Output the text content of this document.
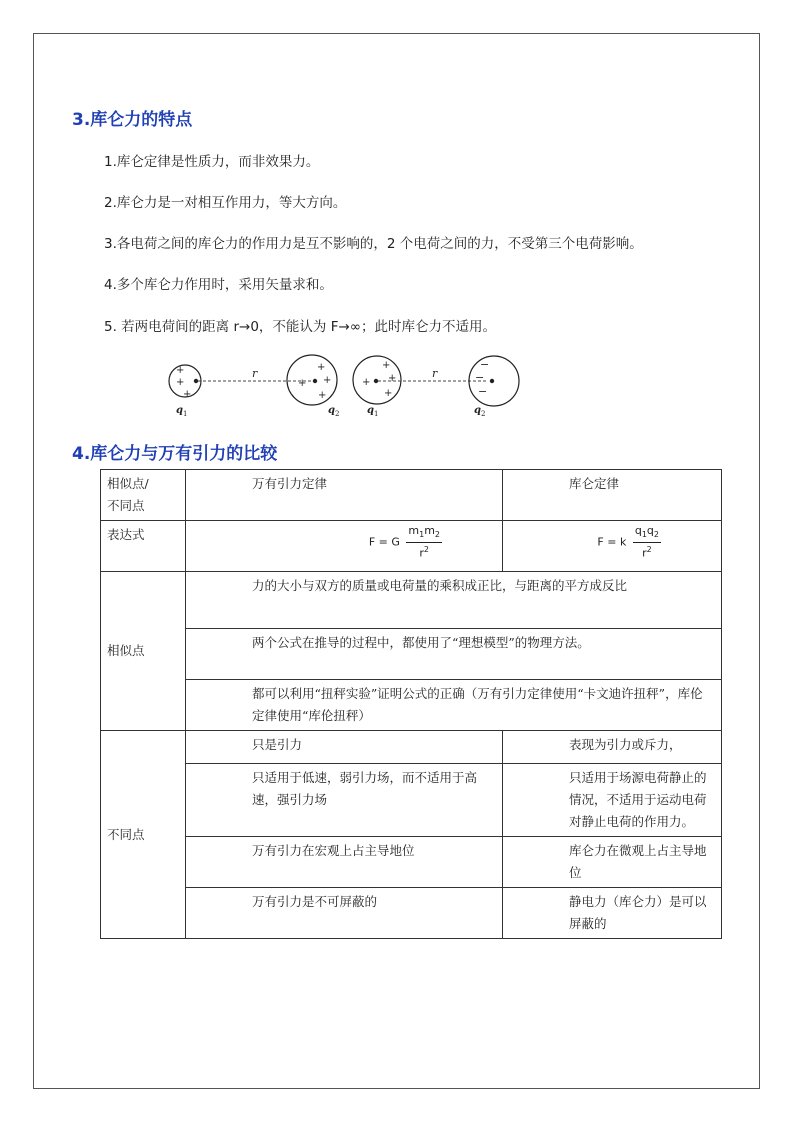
3.库仑力的特点
1.库仑定律是性质力，而非效果力。
2.库仑力是一对相互作用力，等大方向。
3.各电荷之间的库仑力的作用力是互不影响的，2 个电荷之间的力，不受第三个电荷影响。
4.多个库仑力作用时，采用矢量求和。
5. 若两电荷间的距离 r→0，不能认为 F→∞；此时库仑力不适用。
+
+
+
r	+
+
+
+
q 1	q 2
+
+
+
+
r
−
−
−
q 1	q 2
4.库仑力与万有引力的比较
相似点/
不同点	万有引力定律	库仑定律
表达式	F = G $\frac{m_1m_2}{r^2}$	F = k $\frac{q_1q_2}{r^2}$

相似点	力的大小与双方的质量或电荷量的乘积成正比，与距离的平方成反比	
	两个公式在推导的过程中，都使用了“理想模型”的物理方法。	
	都可以利用“扭秤实验”证明公式的正确（万有引力定律使用“卡文迪许扭秤”，库伦定律使用“库伦扭秤）	
不同点	只是引力	表现为引力或斥力，
	只适用于低速，弱引力场，而不适用于高速，强引力场	只适用于场源电荷静止的情况，不适用于运动电荷对静止电荷的作用力。
	万有引力在宏观上占主导地位	库仑力在微观上占主导地位
	万有引力是不可屏蔽的	静电力（库仑力）是可以屏蔽的
